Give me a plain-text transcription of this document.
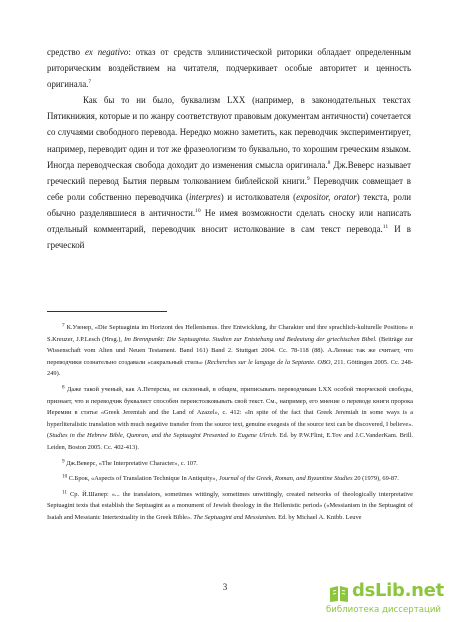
средство ex negativo: отказ от средств эллинистической риторики обладает определенным риторическим воздействием на читателя, подчеркивает особые авторитет и ценность оригинала.$^7$

Как бы то ни было, буквализм LXX (например, в законодательных текстах Пятикнижия, которые и по жанру соответствуют правовым документам античности) сочетается со случаями свободного перевода. Нередко можно заметить, как переводчик экспериментирует, например, переводит один и тот же фразеологизм то буквально, то хорошим греческим языком. Иногда переводческая свобода доходит до изменения смысла оригинала.$^8$ Дж.Веверс называет греческий перевод Бытия первым толкованием библейской книги.$^9$ Переводчик совмещает в себе роли собственно переводчика (interpres) и истолкователя (expositor, orator) текста, роли обычно разделявшиеся в античности.$^{10}$ Не имея возможности сделать сноску или написать отдельный комментарий, переводчик вносит истолкование в сам текст перевода.$^{11}$ И в греческой

$^7$ К.Узенер, «Die Septuaginta im Horizont des Hellenismus. Ihre Entwicklung, ihr Charakter und ihre sprachlich-kulturelle Position» в S.Kreuzer, J.P.Lesch (Hrsg.), Im Brennpunkt: Die Septuaginta. Studien zur Entstehung und Bedeutung der griechischen Bibel. (Beiträge zur Wissenschaft vom Alten und Neuen Testament. Band 161) Band 2. Stuttgart 2004. Сс. 78-118 (88). А.Леонас так же считает, что переводчики сознательно создавали «сакральный стиль» (Recherches sur le langage de la Septante. OBO, 211. Göttingen 2005. Сс. 248-249).

$^8$ Даже такой ученый, как А.Петерсма, не склонный, в общем, приписывать переводчикам LXX особой творческой свободы, признает, что и переводчик буквалист способен переистолковывать свой текст. См., например, его мнение о переводе книги пророка Иеремии в статье «Greek Jeremiah and the Land of Azazel», с. 412: «In spite of the fact that Greek Jeremiah in some ways is a hyperliteralistic translation with much negative transfer from the source text, genuine exegesis of the source text can be discovered, I believe». (Studies in the Hebrew Bible, Qumran, and the Septuagint Presented to Eugene Ulrich. Ed. by P.W.Flint, E.Tov and J.C.VanderKam. Brill. Leiden, Boston 2005. Сс. 402-413).

$^9$ Дж.Веверс, «The Interpretative Character», с. 107.

$^{10}$ С.Брок, «Aspects of Translation Technique In Antiquity», Journal of the Greek, Roman, and Byzantine Studies 20 (1979), 69-87.

$^{11}$ Ср. Й.Шапер: «... the translators, sometimes wittingly, sometimes unwittingly, created networks of theologically interpretative Septuagint texts that establish the Septuagint as a monument of Jewish theology in the Hellenistic period» («Messianism in the Septuagint of Isaiah and Messianic Intertextuality in the Greek Bible». The Septuagint and Messianism. Ed. by Michael A. Knibb. Leuve

3	dsLib.net
библиотека диссертаций
